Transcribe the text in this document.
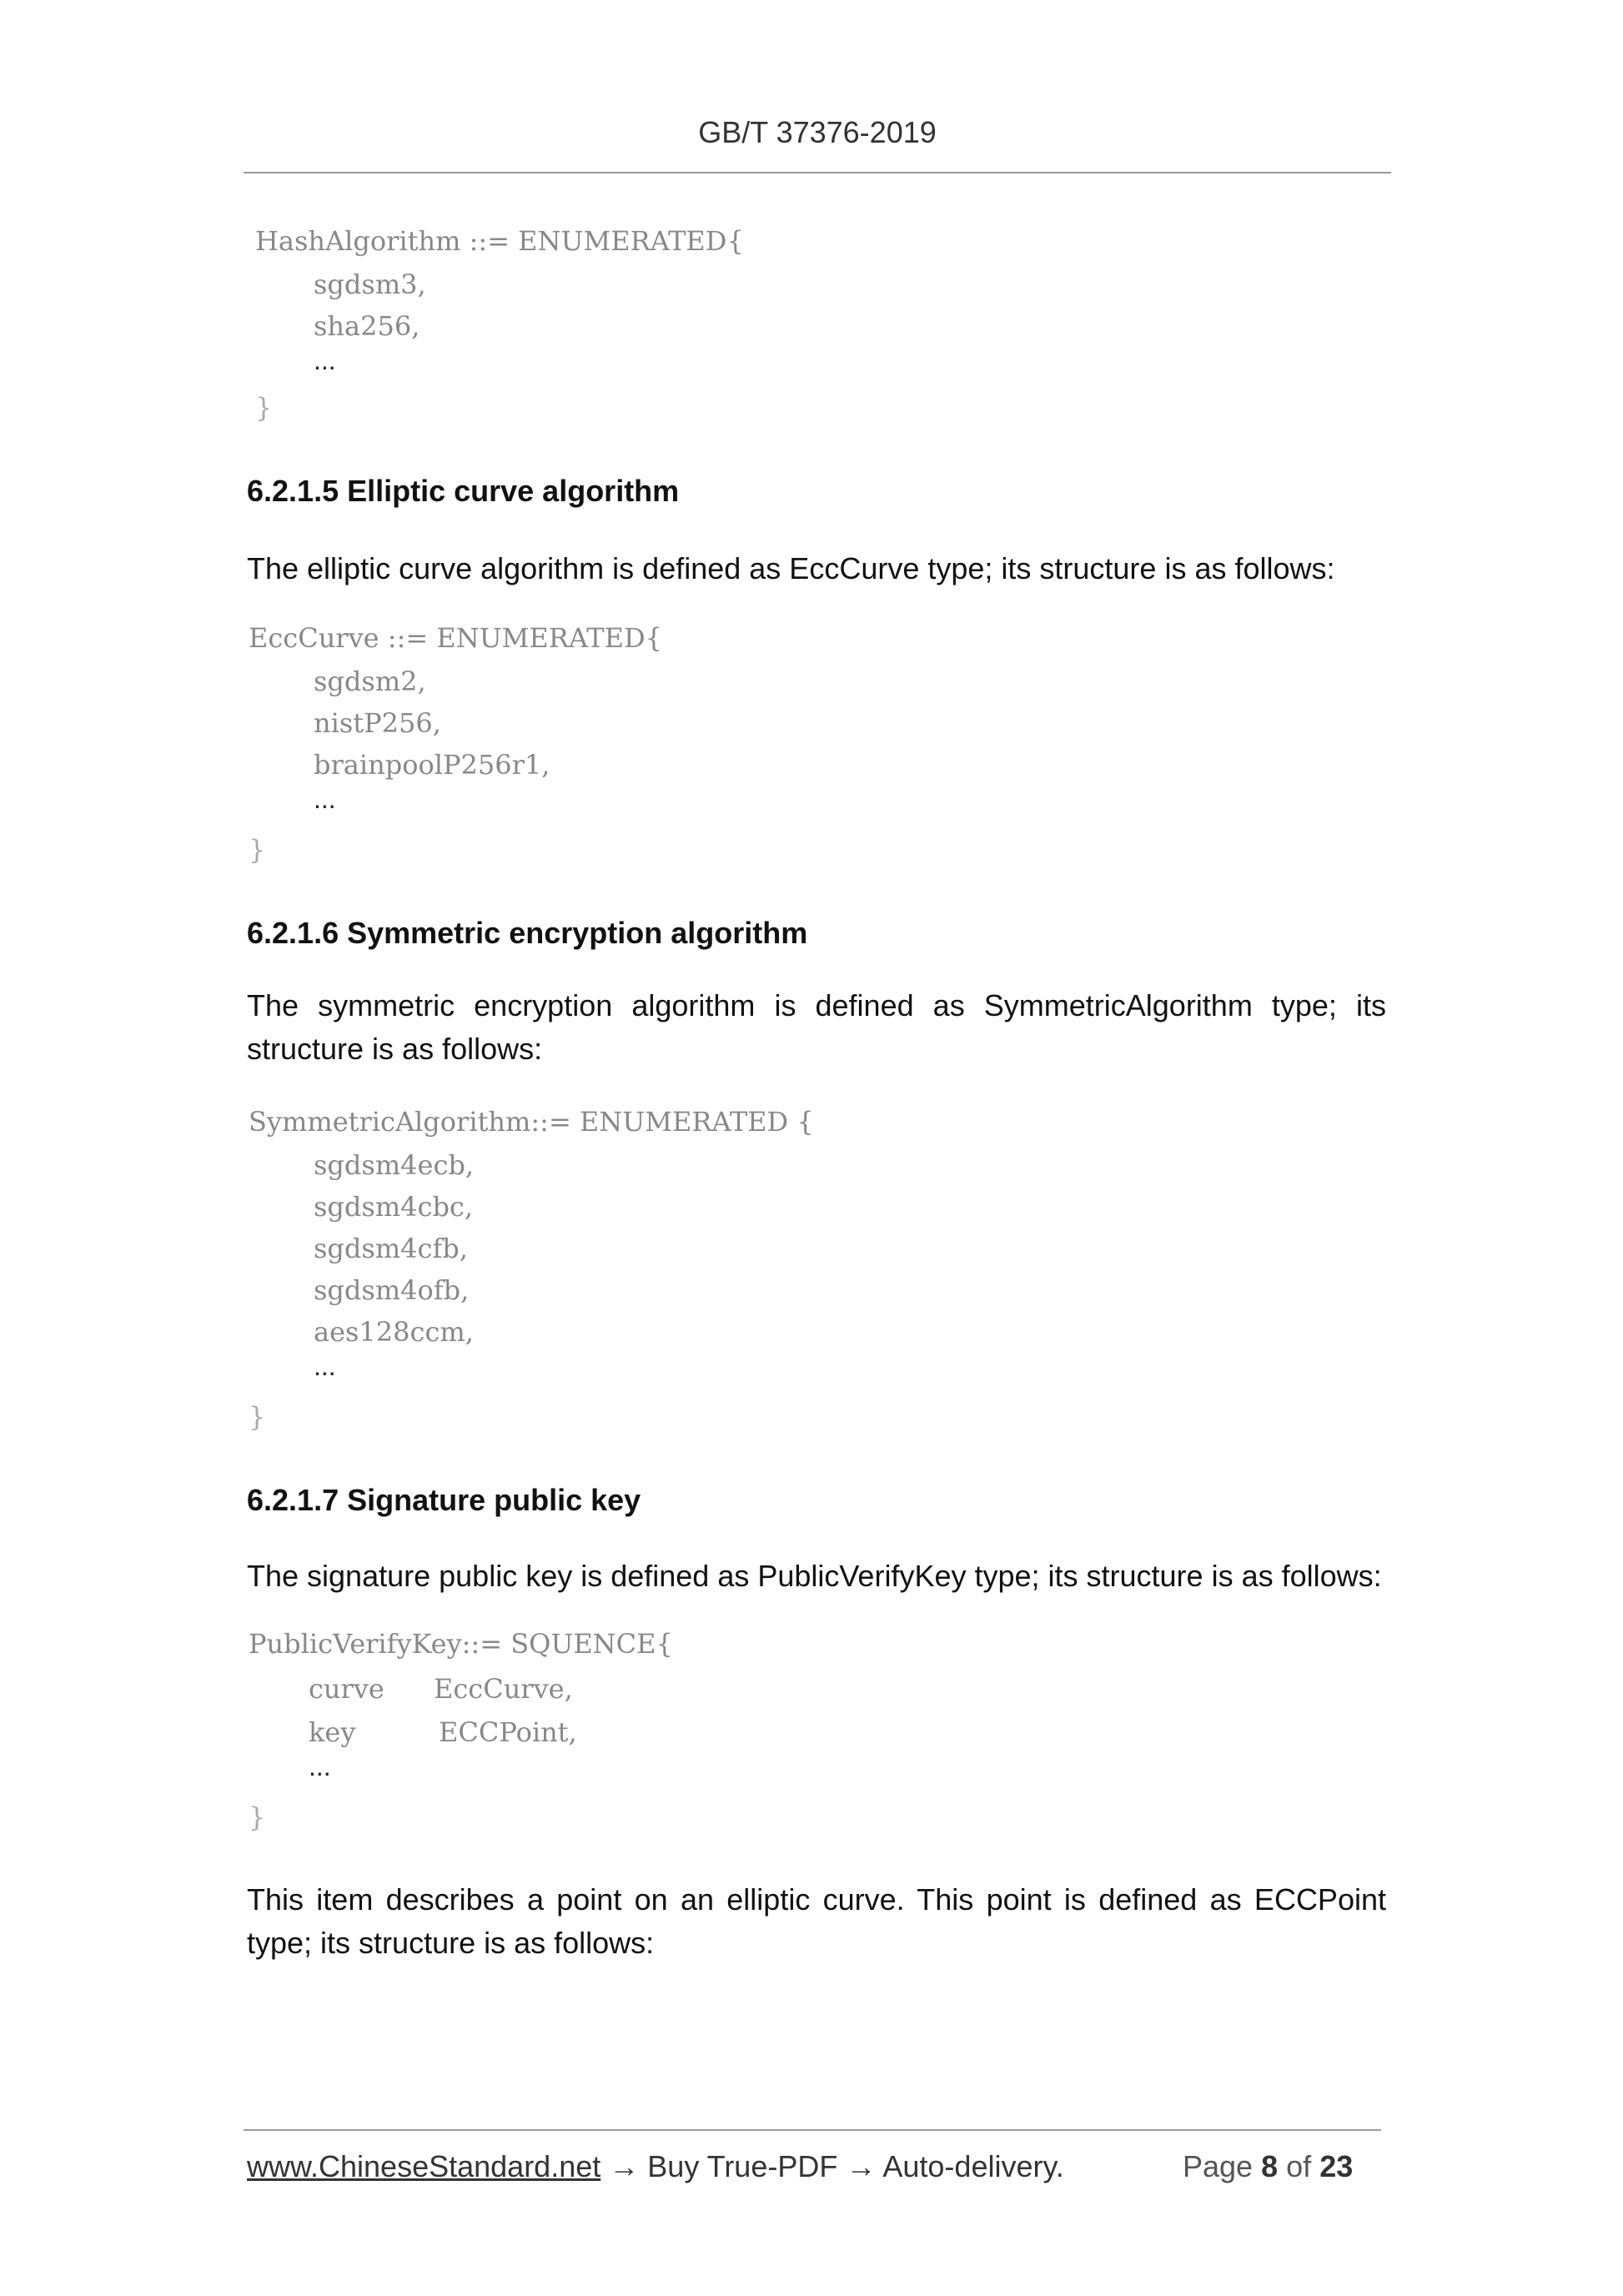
GB/T 37376-2019
HashAlgorithm ::= ENUMERATED{
sgdsm3,
sha256,
...
}
6.2.1.5 Elliptic curve algorithm
The elliptic curve algorithm is defined as EccCurve type; its structure is as follows:
EccCurve ::= ENUMERATED{
sgdsm2,
nistP256,
brainpoolP256r1,
...
}
6.2.1.6 Symmetric encryption algorithm
The symmetric encryption algorithm is defined as SymmetricAlgorithm type; its structure is as follows:
SymmetricAlgorithm::= ENUMERATED {
sgdsm4ecb,
sgdsm4cbc,
sgdsm4cfb,
sgdsm4ofb,
aes128ccm,
...
}
6.2.1.7 Signature public key
The signature public key is defined as PublicVerifyKey type; its structure is as follows:
PublicVerifyKey::= SQUENCE{
curve EccCurve,
key	ECCPoint,
...
}
This item describes a point on an elliptic curve. This point is defined as ECCPoint type; its structure is as follows:
www.ChineseStandard.net → Buy True-PDF → Auto-delivery.	Page 8 of 23
